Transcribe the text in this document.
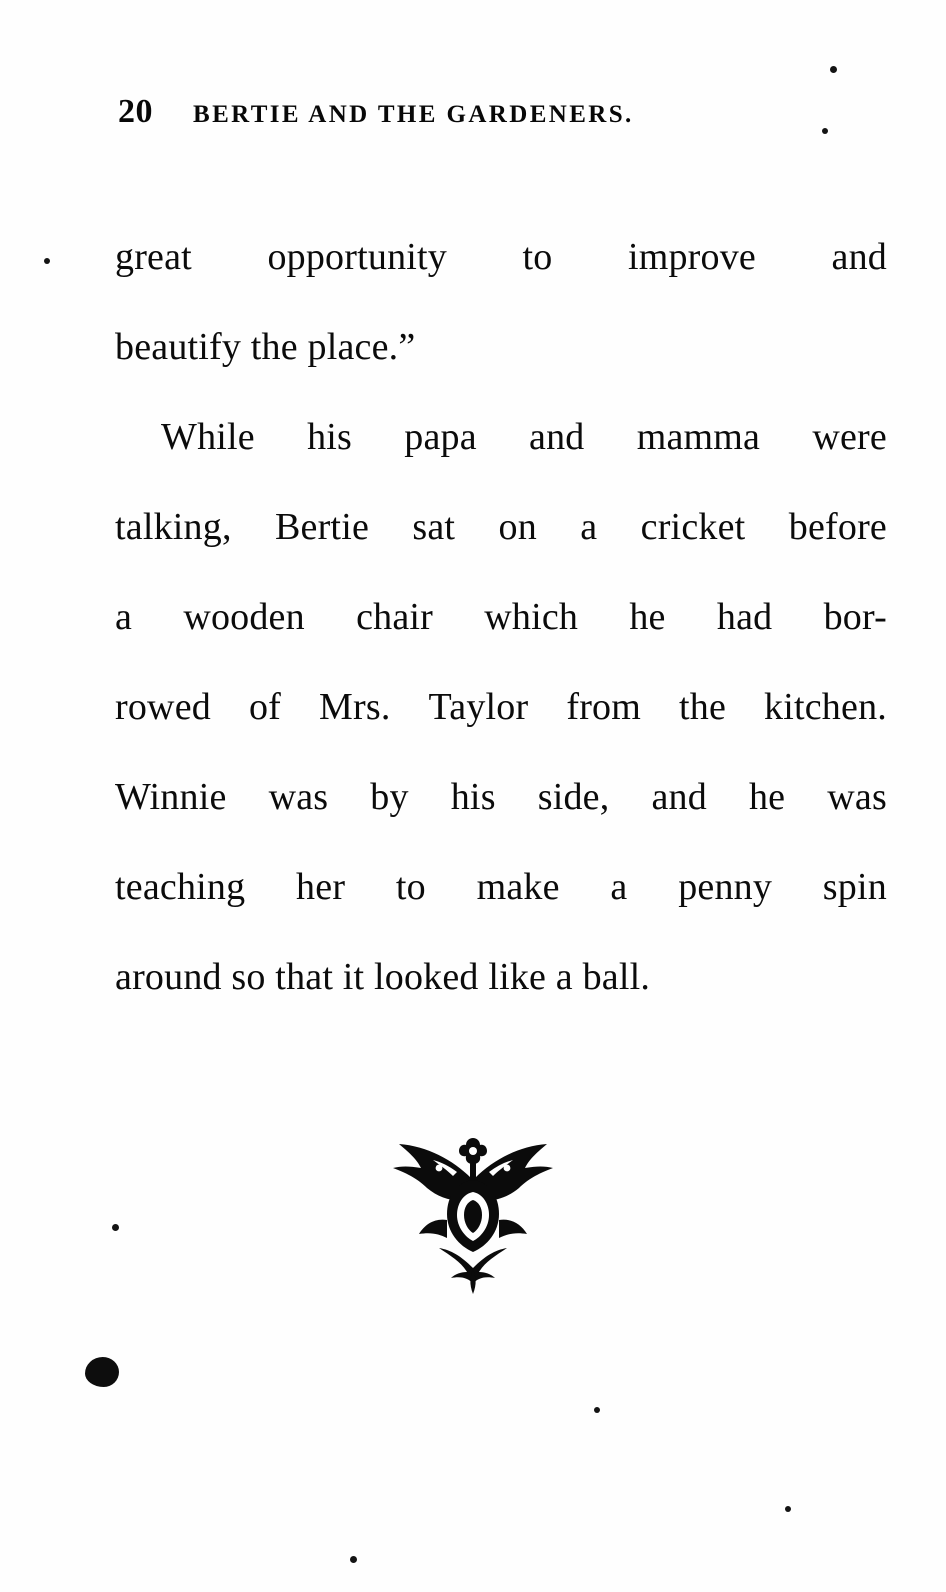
20 BERTIE AND THE GARDENERS.
great opportunity to improve and
beautify the place.”
While his papa and mamma were
talking, Bertie sat on a cricket before
a wooden chair which he had bor-
rowed of Mrs. Taylor from the kitchen.
Winnie was by his side, and he was
teaching her to make a penny spin
around so that it looked like a ball.
